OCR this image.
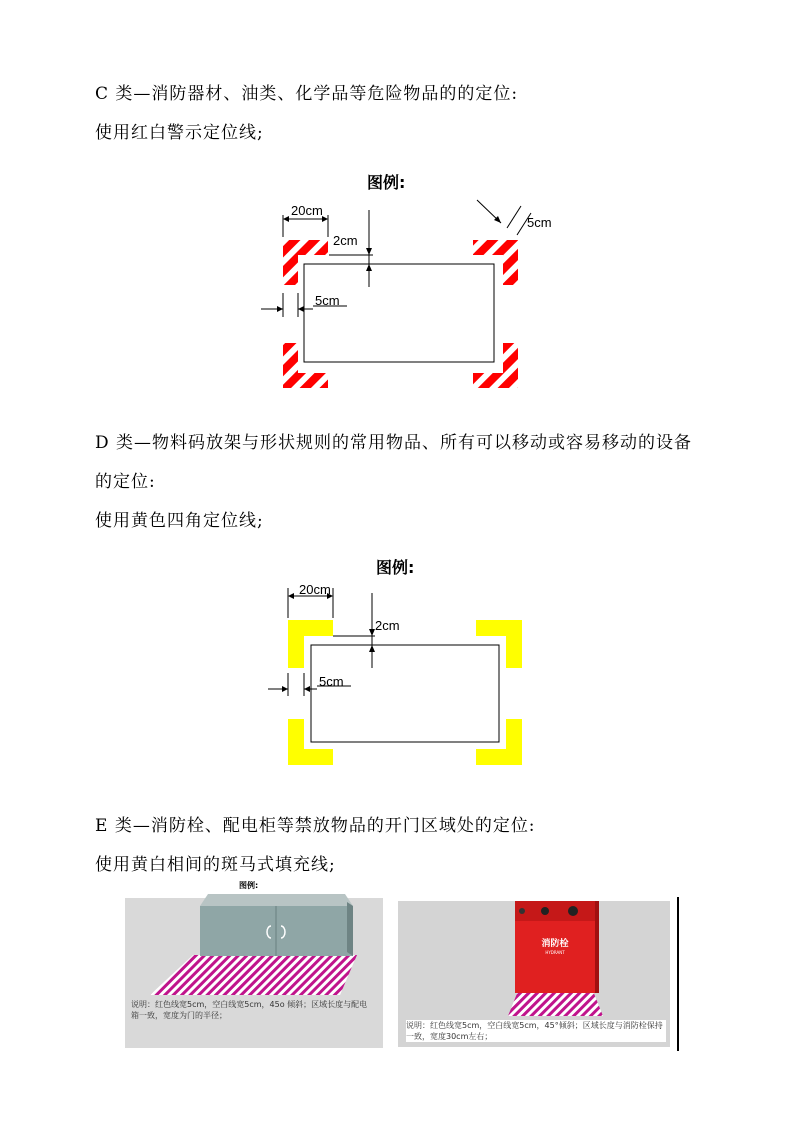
C 类—消防器材、油类、化学品等危险物品的的定位:
使用红白警示定位线;
图例:
20cm
2cm
5cm
5cm
D 类—物料码放架与形状规则的常用物品、所有可以移动或容易移动的设备
的定位:
使用黄色四角定位线;
图例:
20cm
2cm
5cm
E 类—消防栓、配电柜等禁放物品的开门区域处的定位:
使用黄白相间的斑马式填充线;
图例:
说明：红色线宽5cm，空白线宽5cm，45o 倾斜；区域长度与配电箱一致，宽度为门的半径；
消防栓
HYDRANT
说明：红色线宽5cm，空白线宽5cm，45°倾斜；区域长度与消防栓保持一致，宽度30cm左右；
